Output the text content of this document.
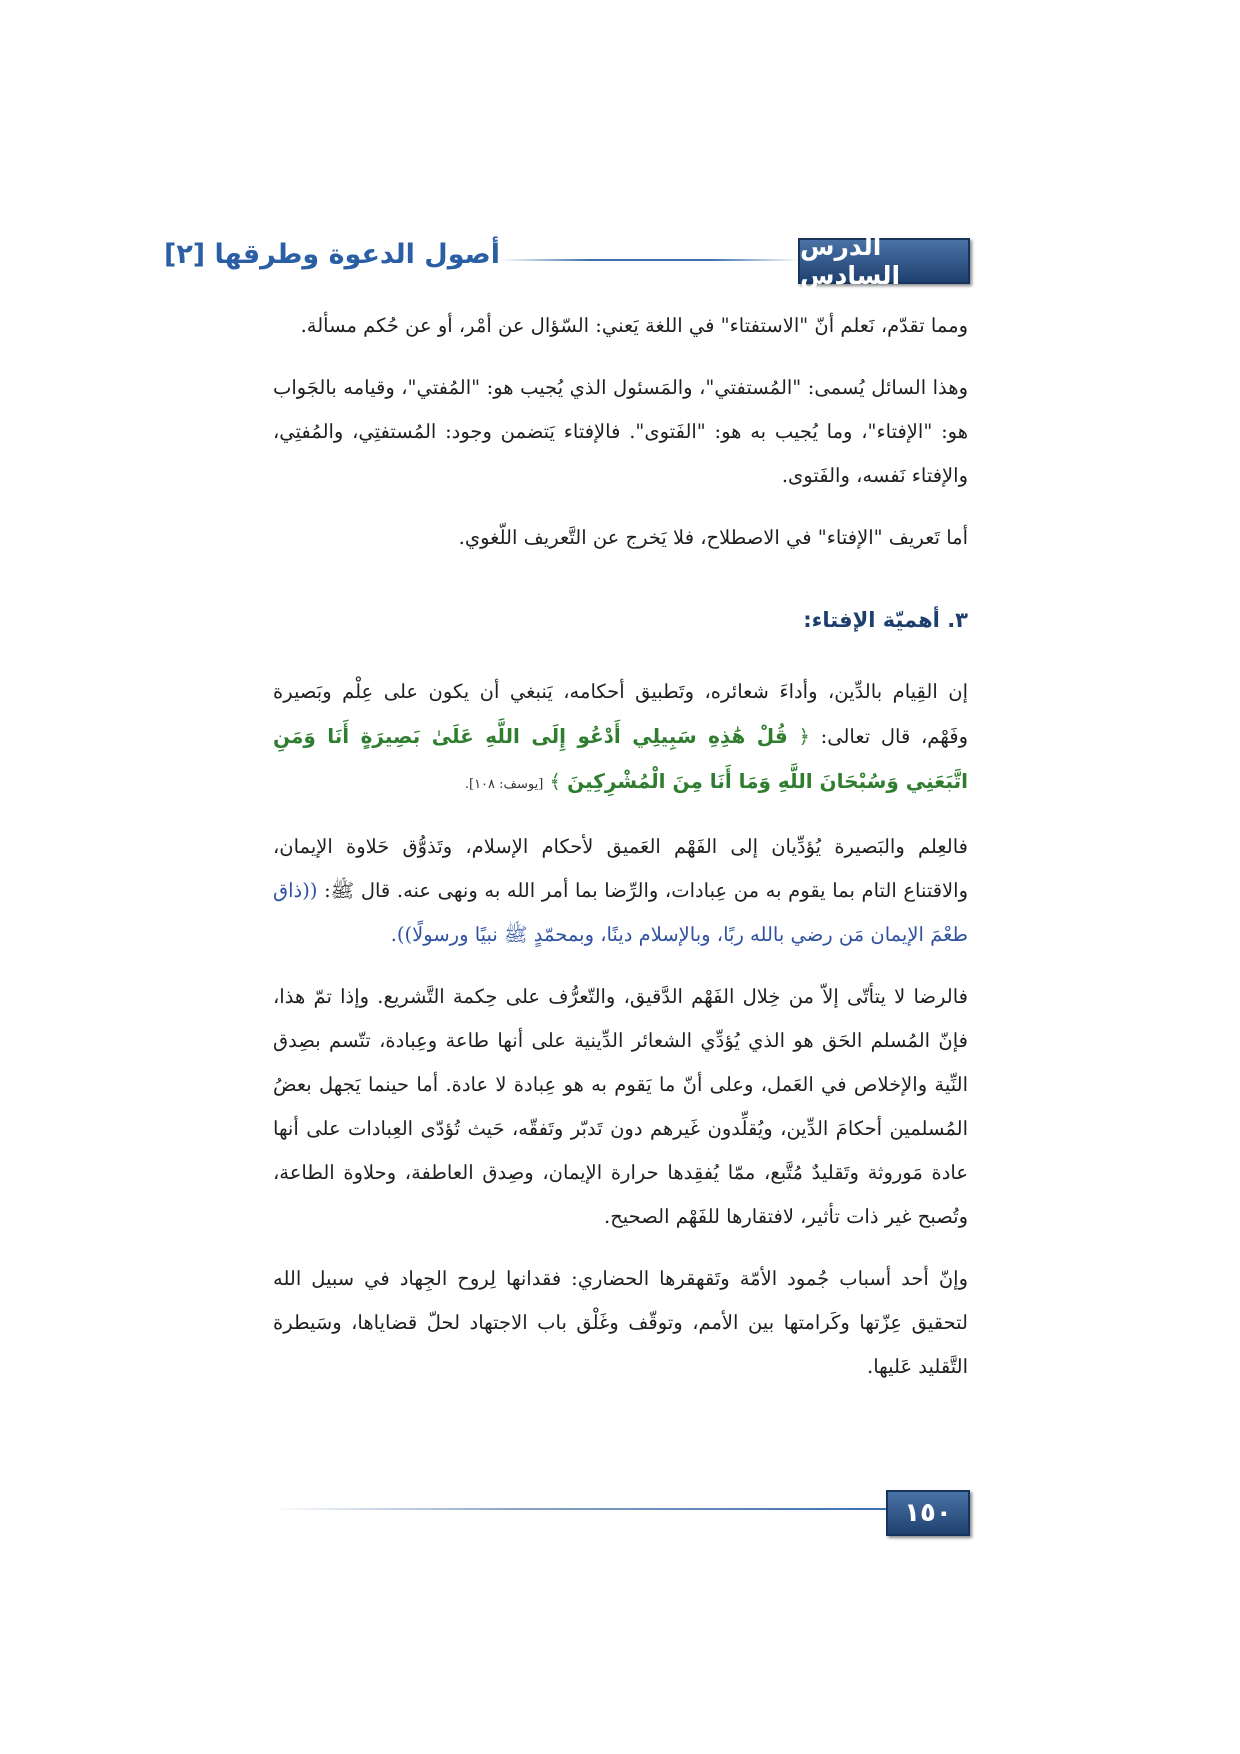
أصول الدعوة وطرقها [٢]	الدرس السادس

ومما تقدّم، نَعلم أنّ "الاستفتاء" في اللغة يَعني: السّؤال عن أمْر، أو عن حُكم مسألة.

وهذا السائل يُسمى: "المُستفتي"، والمَسئول الذي يُجيب هو: "المُفتي"، وقيامه بالجَواب هو: "الإفتاء"، وما يُجيب به هو: "الفَتوى". فالإفتاء يَتضمن وجود: المُستفتِي، والمُفتِي، والإفتاء نَفسه، والفَتوى.

أما تَعريف "الإفتاء" في الاصطلاح، فلا يَخرج عن التَّعريف اللّغوي.

٣. أهميّة الإفتاء:

إن القِيام بالدِّين، وأداءَ شعائره، وتَطبيق أحكامه، يَنبغي أن يكون على عِلْم وبَصيرة وفَهْم، قال تعالى: ﴿ قُلْ هَٰذِهِ سَبِيلِي أَدْعُو إِلَى اللَّهِ عَلَىٰ بَصِيرَةٍ أَنَا وَمَنِ اتَّبَعَنِي وَسُبْحَانَ اللَّهِ وَمَا أَنَا مِنَ الْمُشْرِكِينَ ﴾ [يوسف: ١٠٨].

فالعِلم والبَصيرة يُؤدِّيان إلى الفَهْم العَميق لأحكام الإسلام، وتَذوُّق حَلاوة الإيمان، والاقتناع التام بما يقوم به من عِبادات، والرِّضا بما أمر الله به ونهى عنه. قال ﷺ: ((ذاق طعْمَ الإيمان مَن رضي بالله ربًا، وبالإسلام دينًا، وبمحمّدٍ ﷺ نبيًا ورسولًا)).

فالرضا لا يتأتّى إلاّ من خِلال الفَهْم الدَّقيق، والتّعرُّف على حِكمة التَّشريع. وإذا تمّ هذا، فإنّ المُسلم الحَق هو الذي يُؤدِّي الشعائر الدِّينية على أنها طاعة وعِبادة، تتّسم بصِدق النِّية والإخلاص في العَمل، وعلى أنّ ما يَقوم به هو عِبادة لا عادة. أما حينما يَجهل بعضُ المُسلمين أحكامَ الدِّين، ويُقلِّدون غَيرهم دون تَدبّر وتَفقّه، حَيث تُؤدّى العِبادات على أنها عادة مَوروثة وتَقليدٌ مُتَّبع، ممّا يُفقِدها حرارة الإيمان، وصِدق العاطفة، وحلاوة الطاعة، وتُصبح غير ذات تأثير، لافتقارها للفَهْم الصحيح.

وإنّ أحد أسباب جُمود الأمّة وتَقهقرها الحضاري: فقدانها لِروح الجِهاد في سبيل الله لتحقيق عِزّتها وكَرامتها بين الأمم، وتوقّف وغَلْق باب الاجتهاد لحلّ قضاياها، وسَيطرة التَّقليد عَليها.

١٥٠
